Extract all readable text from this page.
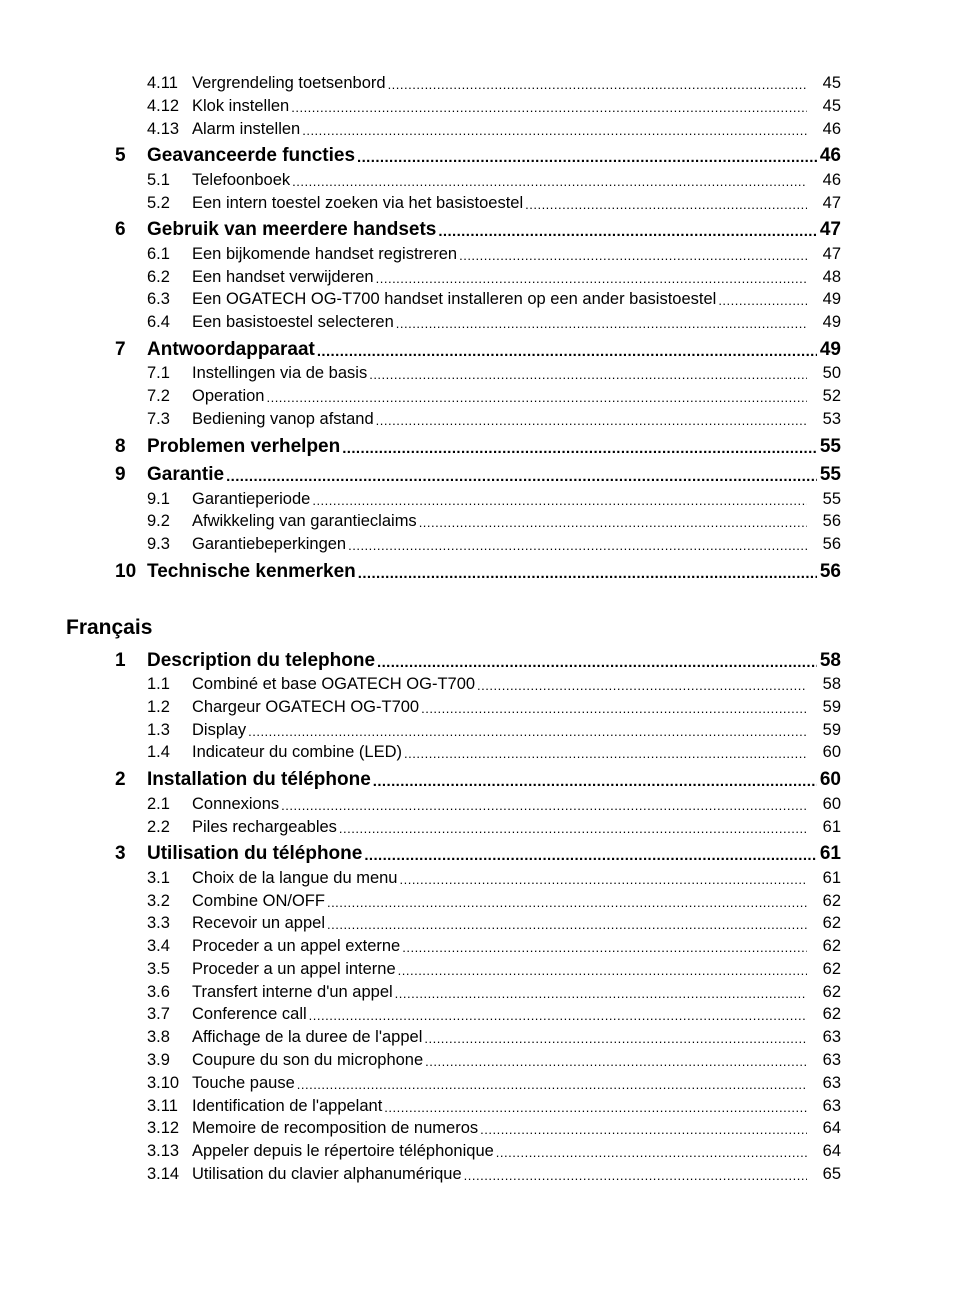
4.11 Vergrendeling toetsenbord .....	45
4.12 Klok instellen .....	45
4.13 Alarm instellen .....	46
5	Geavanceerde functies .....	46
5.1	Telefoonboek .....	46
5.2	Een intern toestel zoeken via het basistoestel .....	47
6	Gebruik van meerdere handsets .....	47
6.1	Een bijkomende handset registreren .....	47
6.2	Een handset verwijderen .....	48
6.3	Een OGATECH OG-T700 handset installeren op een ander basistoestel .....	49
6.4	Een basistoestel selecteren .....	49
7	Antwoordapparaat .....	49
7.1	Instellingen via de basis .....	50
7.2	Operation .....	52
7.3	Bediening vanop afstand .....	53
8	Problemen verhelpen .....	55
9	Garantie .....	55
9.1	Garantieperiode .....	55
9.2	Afwikkeling van garantieclaims .....	56
9.3	Garantiebeperkingen .....	56
10 Technische kenmerken .....	56
Français
1	Description du telephone .....	58
1.1	Combiné et base OGATECH OG-T700 .....	58
1.2	Chargeur OGATECH OG-T700 .....	59
1.3	Display .....	59
1.4	Indicateur du combine (LED) .....	60
2	Installation du téléphone .....	60
2.1	Connexions .....	60
2.2	Piles rechargeables .....	61
3	Utilisation du téléphone .....	61
3.1	Choix de la langue du menu .....	61
3.2	Combine ON/OFF .....	62
3.3	Recevoir un appel .....	62
3.4	Proceder a un appel externe .....	62
3.5	Proceder a un appel interne .....	62
3.6	Transfert interne d'un appel .....	62
3.7	Conference call .....	62
3.8	Affichage de la duree de l'appel .....	63
3.9	Coupure du son du microphone .....	63
3.10 Touche pause .....	63
3.11 Identification de l'appelant .....	63
3.12 Memoire de recomposition de numeros .....	64
3.13 Appeler depuis le répertoire téléphonique .....	64
3.14 Utilisation du clavier alphanumérique .....	65
